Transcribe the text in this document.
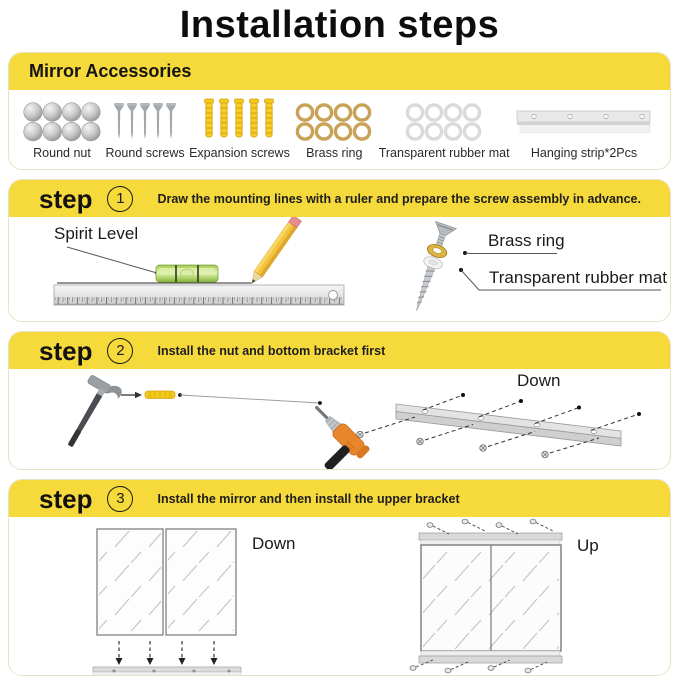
Installation steps
Mirror Accessories
Round nut Round screws Expansion screws Brass ring Transparent rubber mat Hanging strip*2Pcs
step	1	Draw the mounting lines with a ruler and prepare the screw assembly in advance.
Spirit Level	Brass ring
Transparent rubber mat
step	2	Install the nut and bottom bracket first
Down
step	3	Install the mirror and then install the upper bracket
Down	Up
